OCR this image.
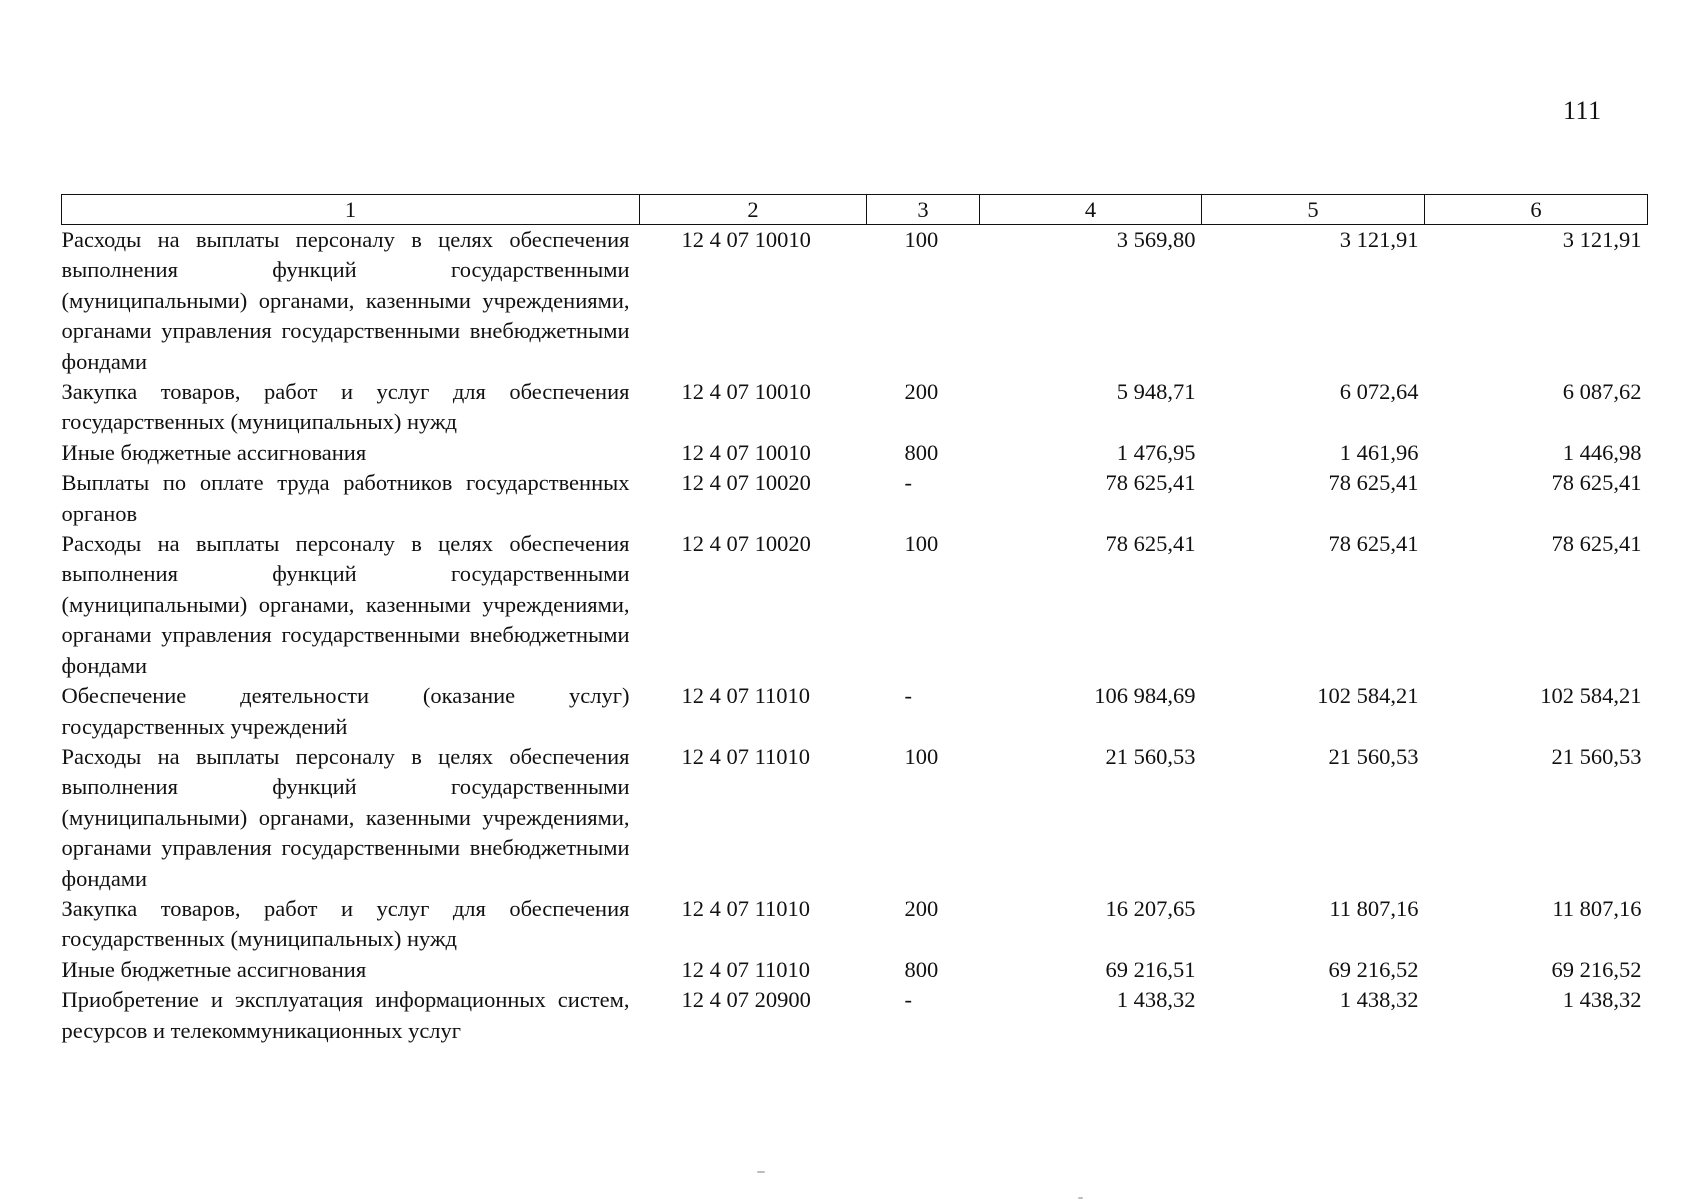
111
1	2	3	4	5	6
Расходы на выплаты персоналу в целях обеспечения выполнения функций государственными (муниципальными) органами, казенными учреждениями, органами управления государственными внебюджетными фондами	12 4 07 10010	100	3 569,80	3 121,91	3 121,91
Закупка товаров, работ и услуг для обеспечения государственных (муниципальных) нужд	12 4 07 10010	200	5 948,71	6 072,64	6 087,62
Иные бюджетные ассигнования	12 4 07 10010	800	1 476,95	1 461,96	1 446,98
Выплаты по оплате труда работников государственных органов	12 4 07 10020	-	78 625,41	78 625,41	78 625,41
Расходы на выплаты персоналу в целях обеспечения выполнения функций государственными (муниципальными) органами, казенными учреждениями, органами управления государственными внебюджетными фондами	12 4 07 10020	100	78 625,41	78 625,41	78 625,41
Обеспечение деятельности (оказание услуг) государственных учреждений	12 4 07 11010	-	106 984,69	102 584,21	102 584,21
Расходы на выплаты персоналу в целях обеспечения выполнения функций государственными (муниципальными) органами, казенными учреждениями, органами управления государственными внебюджетными фондами	12 4 07 11010	100	21 560,53	21 560,53	21 560,53
Закупка товаров, работ и услуг для обеспечения государственных (муниципальных) нужд	12 4 07 11010	200	16 207,65	11 807,16	11 807,16
Иные бюджетные ассигнования	12 4 07 11010	800	69 216,51	69 216,52	69 216,52
Приобретение и эксплуатация информационных систем, ресурсов и телекоммуникационных услуг	12 4 07 20900	-	1 438,32	1 438,32	1 438,32
